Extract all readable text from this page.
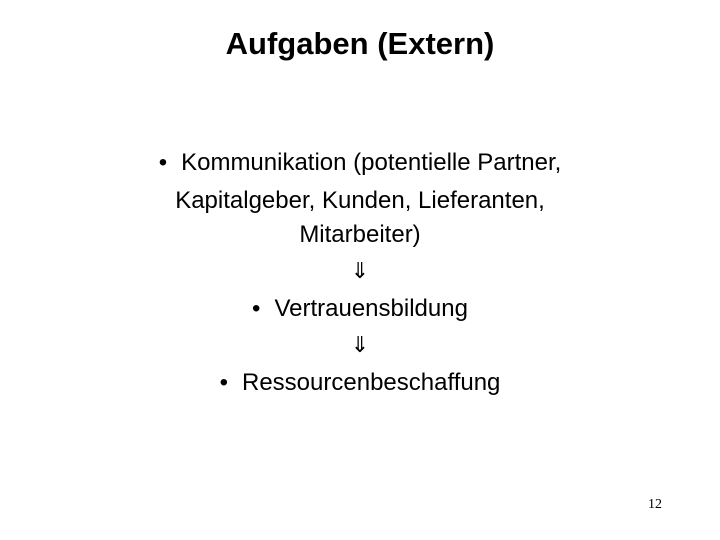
Aufgaben (Extern)
• Kommunikation (potentielle Partner,
Kapitalgeber, Kunden, Lieferanten,
Mitarbeiter)
⇓
• Vertrauensbildung
⇓
• Ressourcenbeschaffung
12
